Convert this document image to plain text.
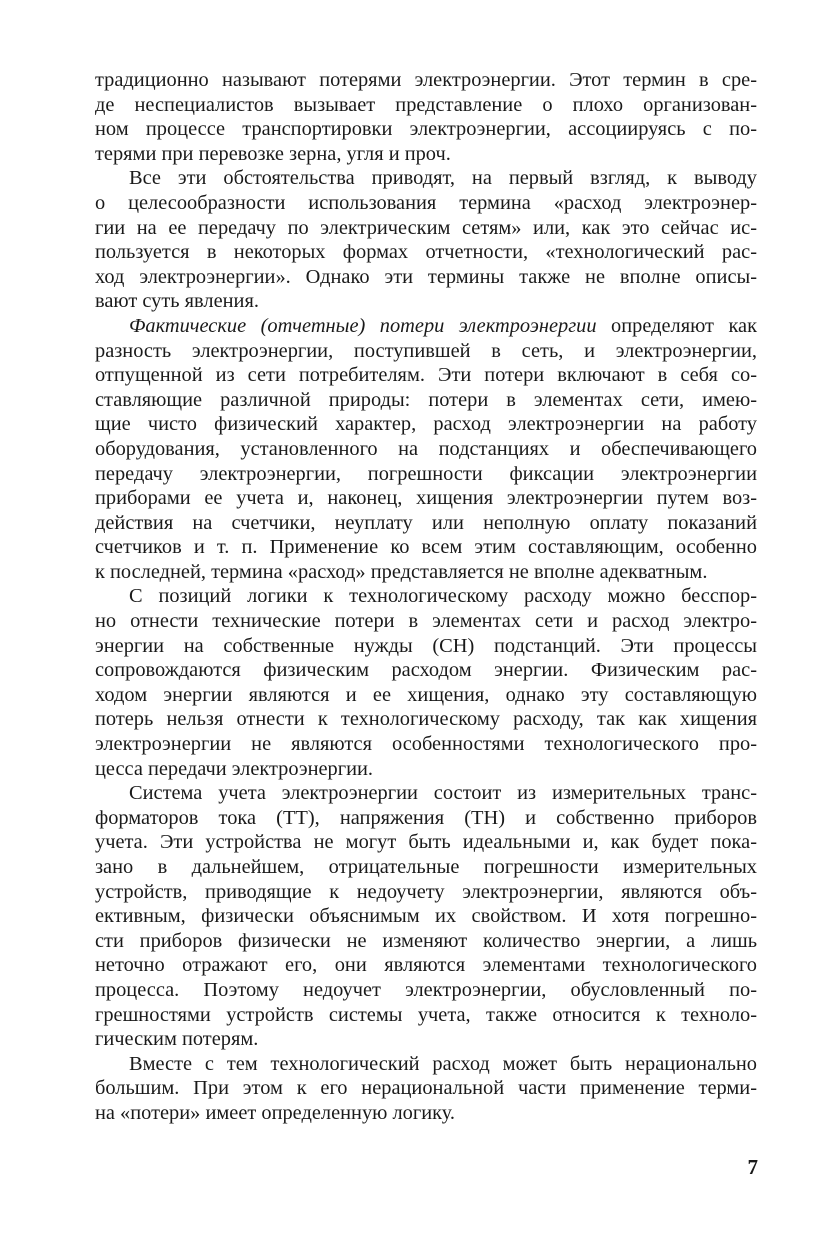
традиционно называют потерями электроэнергии. Этот термин в сре-
де неспециалистов вызывает представление о плохо организован-
ном процессе транспортировки электроэнергии, ассоциируясь с по-
терями при перевозке зерна, угля и проч.
Все эти обстоятельства приводят, на первый взгляд, к выводу
о целесообразности использования термина «расход электроэнер-
гии на ее передачу по электрическим сетям» или, как это сейчас ис-
пользуется в некоторых формах отчетности, «технологический рас-
ход электроэнергии». Однако эти термины также не вполне описы-
вают суть явления.
Фактические (отчетные) потери электроэнергии определяют как
разность электроэнергии, поступившей в сеть, и электроэнергии,
отпущенной из сети потребителям. Эти потери включают в себя со-
ставляющие различной природы: потери в элементах сети, имею-
щие чисто физический характер, расход электроэнергии на работу
оборудования, установленного на подстанциях и обеспечивающего
передачу электроэнергии, погрешности фиксации электроэнергии
приборами ее учета и, наконец, хищения электроэнергии путем воз-
действия на счетчики, неуплату или неполную оплату показаний
счетчиков и т. п. Применение ко всем этим составляющим, особенно
к последней, термина «расход» представляется не вполне адекватным.
С позиций логики к технологическому расходу можно бесспор-
но отнести технические потери в элементах сети и расход электро-
энергии на собственные нужды (СН) подстанций. Эти процессы
сопровождаются физическим расходом энергии. Физическим рас-
ходом энергии являются и ее хищения, однако эту составляющую
потерь нельзя отнести к технологическому расходу, так как хищения
электроэнергии не являются особенностями технологического про-
цесса передачи электроэнергии.
Система учета электроэнергии состоит из измерительных транс-
форматоров тока (ТТ), напряжения (ТН) и собственно приборов
учета. Эти устройства не могут быть идеальными и, как будет пока-
зано в дальнейшем, отрицательные погрешности измерительных
устройств, приводящие к недоучету электроэнергии, являются объ-
ективным, физически объяснимым их свойством. И хотя погрешно-
сти приборов физически не изменяют количество энергии, а лишь
неточно отражают его, они являются элементами технологического
процесса. Поэтому недоучет электроэнергии, обусловленный по-
грешностями устройств системы учета, также относится к техноло-
гическим потерям.
Вместе с тем технологический расход может быть нерационально
большим. При этом к его нерациональной части применение терми-
на «потери» имеет определенную логику.
7
